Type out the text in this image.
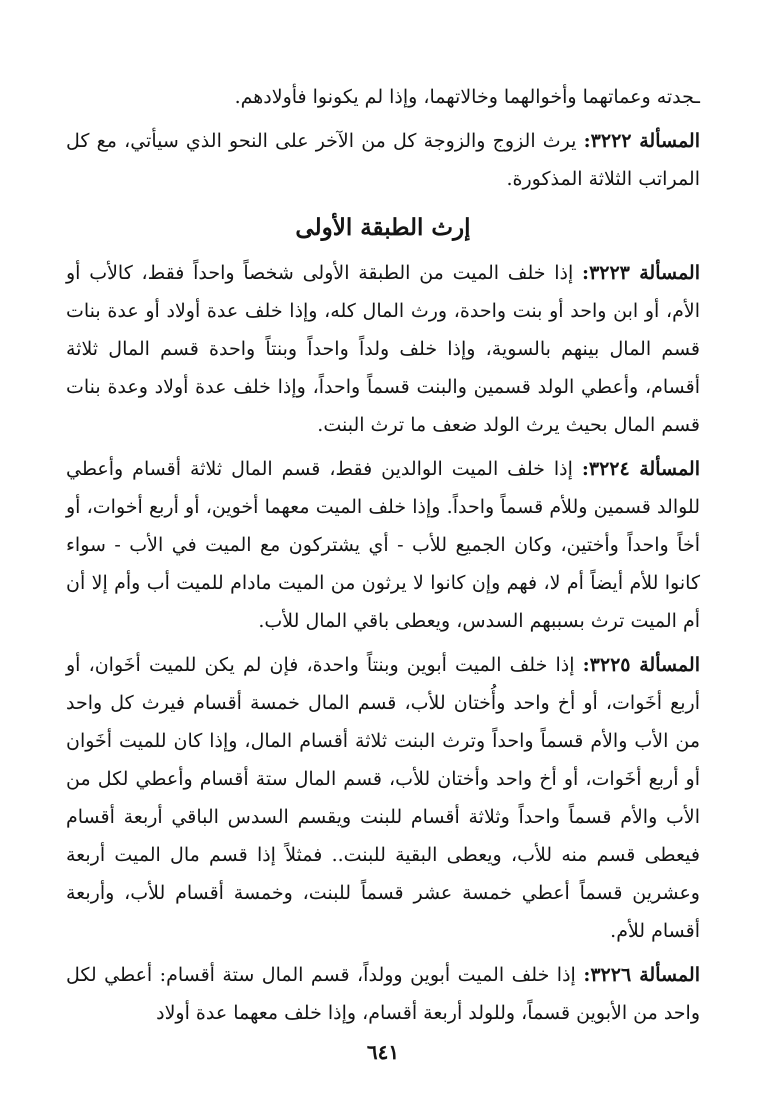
ـجدته وعماتهما وأخوالهما وخالاتهما، وإذا لم يكونوا فأولادهم.

المسألة ٣٢٢٢: يرث الزوج والزوجة كل من الآخر على النحو الذي سيأتي، مع كل المراتب الثلاثة المذكورة.

إرث الطبقة الأولى

المسألة ٣٢٢٣: إذا خلف الميت من الطبقة الأولى شخصاً واحداً فقط، كالأب أو الأم، أو ابن واحد أو بنت واحدة، ورث المال كله، وإذا خلف عدة أولاد أو عدة بنات قسم المال بينهم بالسوية، وإذا خلف ولداً واحداً وبنتاً واحدة قسم المال ثلاثة أقسام، وأعطي الولد قسمين والبنت قسماً واحداً، وإذا خلف عدة أولاد وعدة بنات قسم المال بحيث يرث الولد ضعف ما ترث البنت.

المسألة ٣٢٢٤: إذا خلف الميت الوالدين فقط، قسم المال ثلاثة أقسام وأعطي للوالد قسمين وللأم قسماً واحداً. وإذا خلف الميت معهما أخوين، أو أربع أخوات، أو أخاً واحداً وأختين، وكان الجميع للأب - أي يشتركون مع الميت في الأب - سواء كانوا للأم أيضاً أم لا، فهم وإن كانوا لا يرثون من الميت مادام للميت أب وأم إلا أن أم الميت ترث بسببهم السدس، ويعطى باقي المال للأب.

المسألة ٣٢٢٥: إذا خلف الميت أبوين وبنتاً واحدة، فإن لم يكن للميت أخَوان، أو أربع أخَوات، أو أخ واحد وأُختان للأب، قسم المال خمسة أقسام فيرث كل واحد من الأب والأم قسماً واحداً وترث البنت ثلاثة أقسام المال، وإذا كان للميت أخَوان أو أربع أخَوات، أو أخ واحد وأختان للأب، قسم المال ستة أقسام وأعطي لكل من الأب والأم قسماً واحداً وثلاثة أقسام للبنت ويقسم السدس الباقي أربعة أقسام فيعطى قسم منه للأب، ويعطى البقية للبنت.. فمثلاً إذا قسم مال الميت أربعة وعشرين قسماً أعطي خمسة عشر قسماً للبنت، وخمسة أقسام للأب، وأربعة أقسام للأم.

المسألة ٣٢٢٦: إذا خلف الميت أبوين وولداً، قسم المال ستة أقسام: أعطي لكل واحد من الأبوين قسماً، وللولد أربعة أقسام، وإذا خلف معهما عدة أولاد

٦٤١
